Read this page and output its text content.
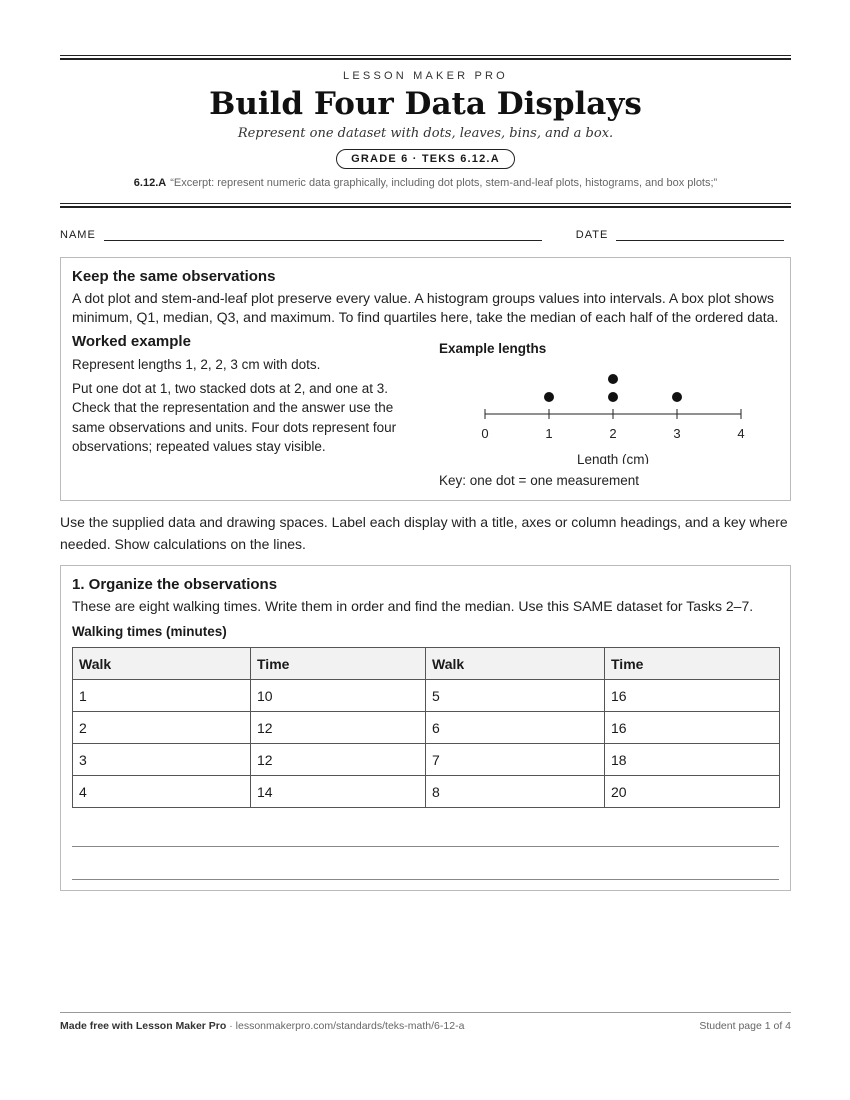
LESSON MAKER PRO
Build Four Data Displays
Represent one dataset with dots, leaves, bins, and a box.
GRADE 6 · TEKS 6.12.A
6.12.A “Excerpt: represent numeric data graphically, including dot plots, stem-and-leaf plots, histograms, and box plots;”
NAME	DATE
Keep the same observations
A dot plot and stem-and-leaf plot preserve every value. A histogram groups values into intervals. A box plot shows minimum, Q1, median, Q3, and maximum. To find quartiles here, take the median of each half of the ordered data.
Worked example
Represent lengths 1, 2, 2, 3 cm with dots.
Put one dot at 1, two stacked dots at 2, and one at 3. Check that the representation and the answer use the same observations and units. Four dots represent four observations; repeated values stay visible.
Example lengths
0	1	2	3	4
Length (cm)
Key: one dot = one measurement
Use the supplied data and drawing spaces. Label each display with a title, axes or column headings, and a key where needed. Show calculations on the lines.
1. Organize the observations
These are eight walking times. Write them in order and find the median. Use this SAME dataset for Tasks 2–7.
Walking times (minutes)
Walk	Time	Walk	Time
1	10	5	16
2	12	6	16
3	12	7	18
4	14	8	20
Made free with Lesson Maker Pro · lessonmakerpro.com/standards/teks-math/6-12-a	Student page 1 of 4
